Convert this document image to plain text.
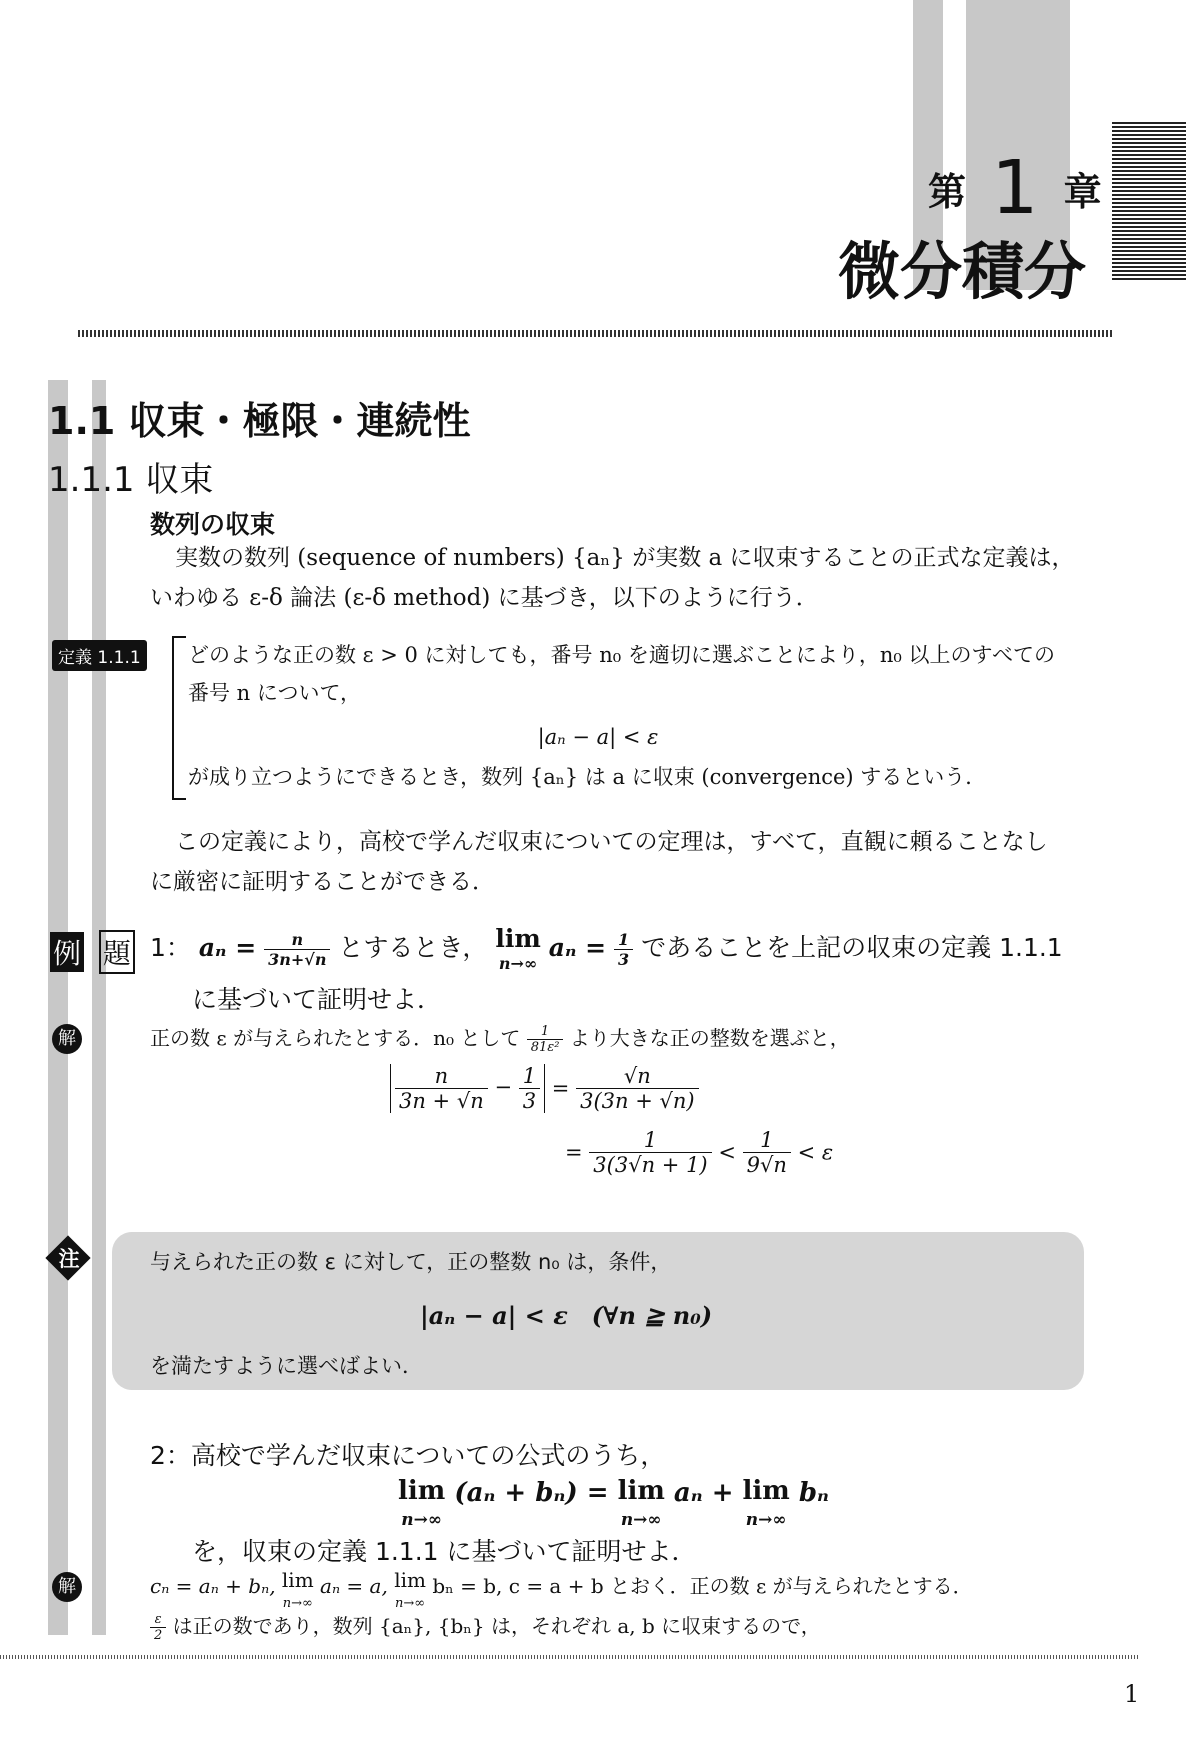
第 1 章
微分積分
1.1 収束・極限・連続性
1.1.1 収束
数列の収束
実数の数列 (sequence of numbers) {aₙ} が実数 a に収束することの正式な定義は，
いわゆる ε-δ 論法 (ε-δ method) に基づき，以下のように行う．
定義 1.1.1 どのような正の数 ε > 0 に対しても，番号 n₀ を適切に選ぶことにより，n₀ 以上のすべての
番号 n について，
|aₙ − a| < ε
が成り立つようにできるとき，数列 {aₙ} は a に収束 (convergence) するという．
この定義により，高校で学んだ収束についての定理は，すべて，直観に頼ることなし
に厳密に証明することができる．
例 題 1： $a_n = \frac{n}{3n+√n}$ とするとき， lim
n→∞ $a_n = \frac{1}{3}$ であることを上記の収束の定義 1.1.1
に基づいて証明せよ．
解	正の数 ε が与えられたとする．n₀ として $\frac{1}{\text{81ε²}}$ より大きな正の整数を選ぶと，
$\frac{n}{3n + √n} - \frac{1}{3} = \frac{√n}{3(3n + √n)}$
= $\frac{1}{3(3√n + 1)} < \frac{1}{9√n} < \varepsilon$
注	与えられた正の数 ε に対して，正の整数 n₀ は，条件，
|aₙ − a| < ε　(∀n ≧ n₀)
を満たすように選べばよい．
2：高校で学んだ収束についての公式のうち，
lim
n→∞ (aₙ + bₙ) = lim
n→∞ aₙ + lim
n→∞ bₙ
を，収束の定義 1.1.1 に基づいて証明せよ．
解	cₙ = aₙ + bₙ, lim
n→∞ aₙ = a, lim
n→∞ bₙ = b, c = a + b とおく．正の数 ε が与えられたとする．
$\frac{\varepsilon}{2}$ は正の数であり，数列 {aₙ}, {bₙ} は，それぞれ a, b に収束するので，
1
